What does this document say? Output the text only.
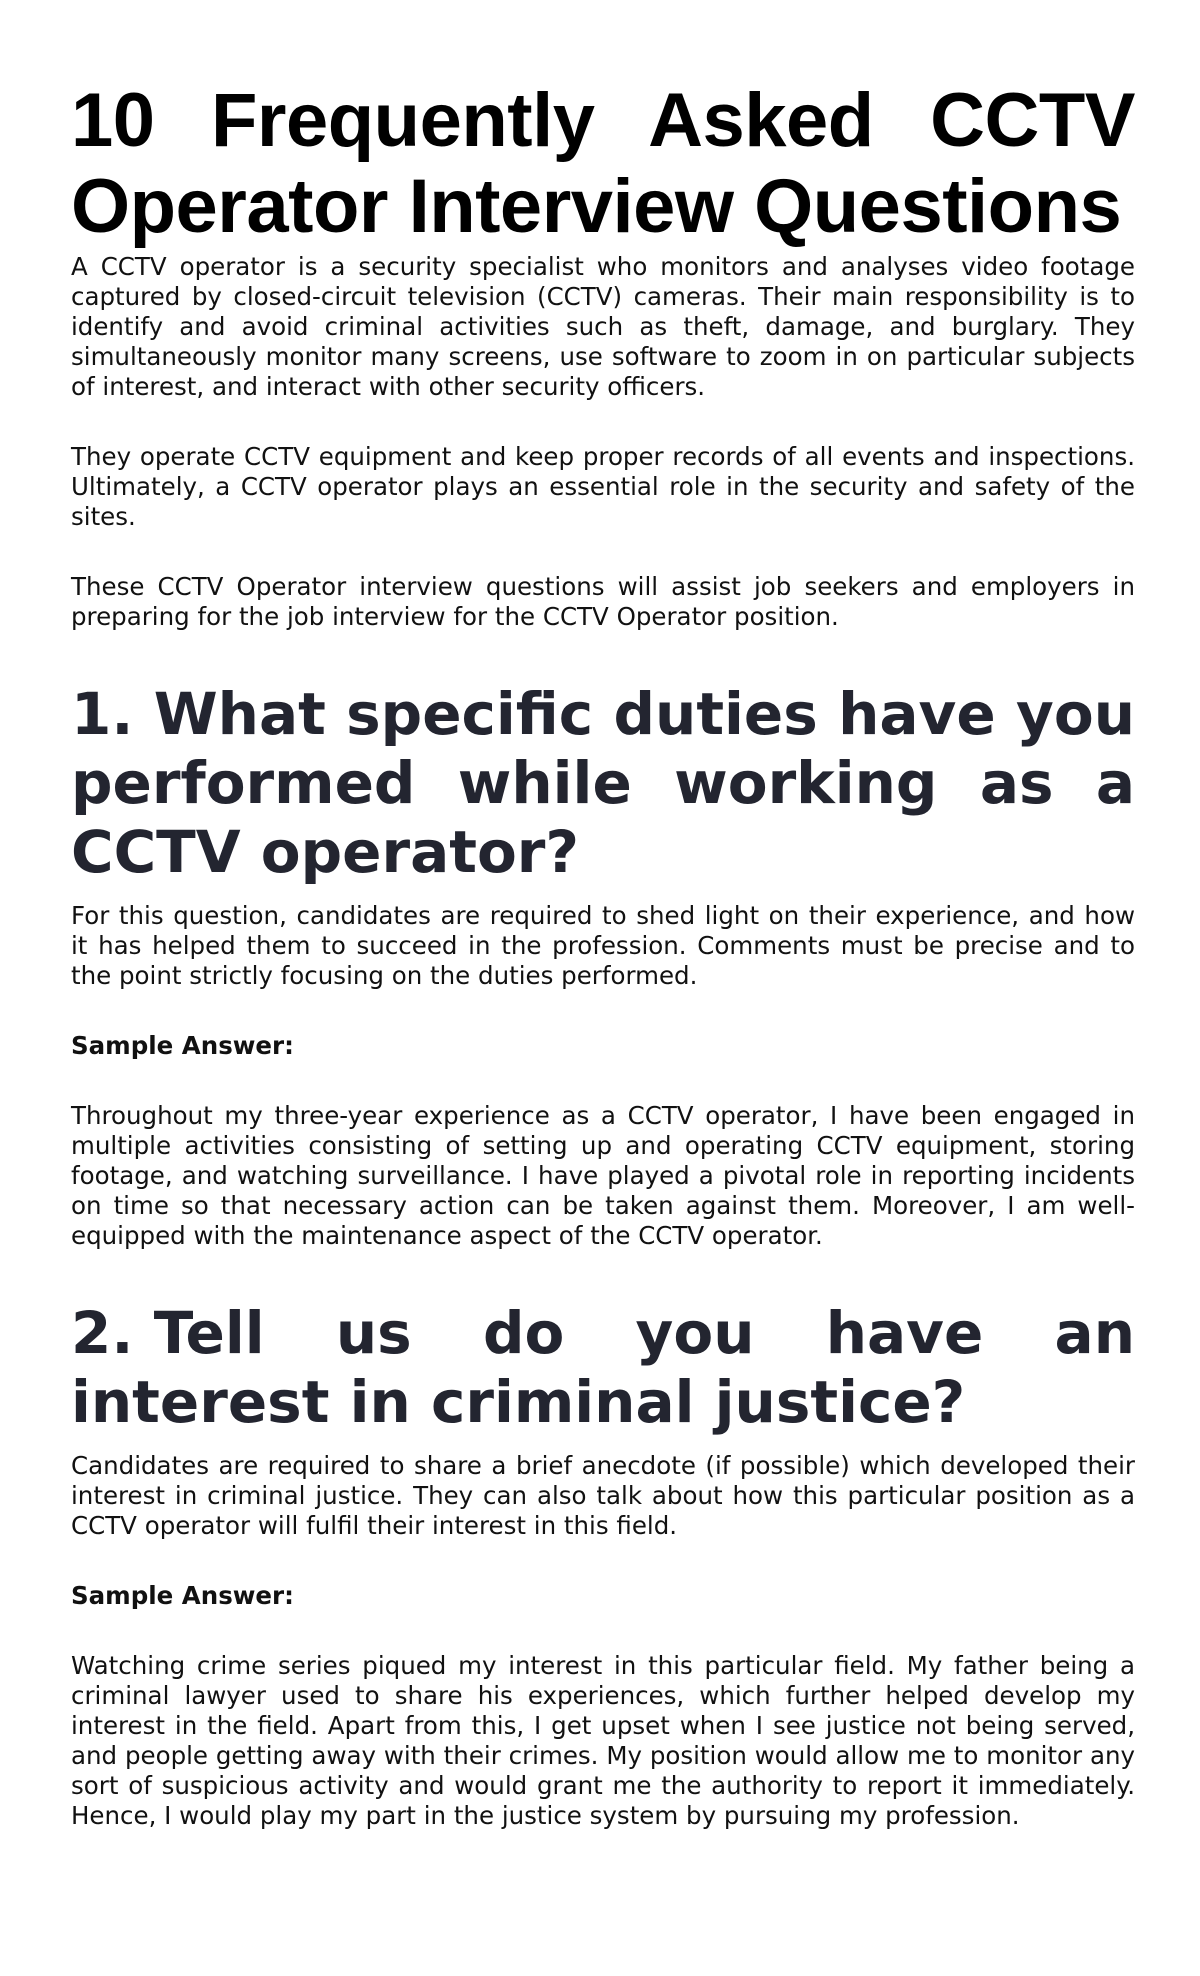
10 Frequently Asked CCTV Operator Interview Questions

A CCTV operator is a security specialist who monitors and analyses video footage captured by closed-circuit television (CCTV) cameras. Their main responsibility is to identify and avoid criminal activities such as theft, damage, and burglary. They simultaneously monitor many screens, use software to zoom in on particular subjects of interest, and interact with other security officers.

They operate CCTV equipment and keep proper records of all events and inspections. Ultimately, a CCTV operator plays an essential role in the security and safety of the sites.

These CCTV Operator interview questions will assist job seekers and employers in preparing for the job interview for the CCTV Operator position.

1. What specific duties have you performed while working as a CCTV operator?

For this question, candidates are required to shed light on their experience, and how it has helped them to succeed in the profession. Comments must be precise and to the point strictly focusing on the duties performed.

Sample Answer:

Throughout my three-year experience as a CCTV operator, I have been engaged in multiple activities consisting of setting up and operating CCTV equipment, storing footage, and watching surveillance. I have played a pivotal role in reporting incidents on time so that necessary action can be taken against them. Moreover, I am well-equipped with the maintenance aspect of the CCTV operator.

2. Tell us do you have an interest in criminal justice?

Candidates are required to share a brief anecdote (if possible) which developed their interest in criminal justice. They can also talk about how this particular position as a CCTV operator will fulfil their interest in this field.

Sample Answer:

Watching crime series piqued my interest in this particular field. My father being a criminal lawyer used to share his experiences, which further helped develop my interest in the field. Apart from this, I get upset when I see justice not being served, and people getting away with their crimes. My position would allow me to monitor any sort of suspicious activity and would grant me the authority to report it immediately. Hence, I would play my part in the justice system by pursuing my profession.
